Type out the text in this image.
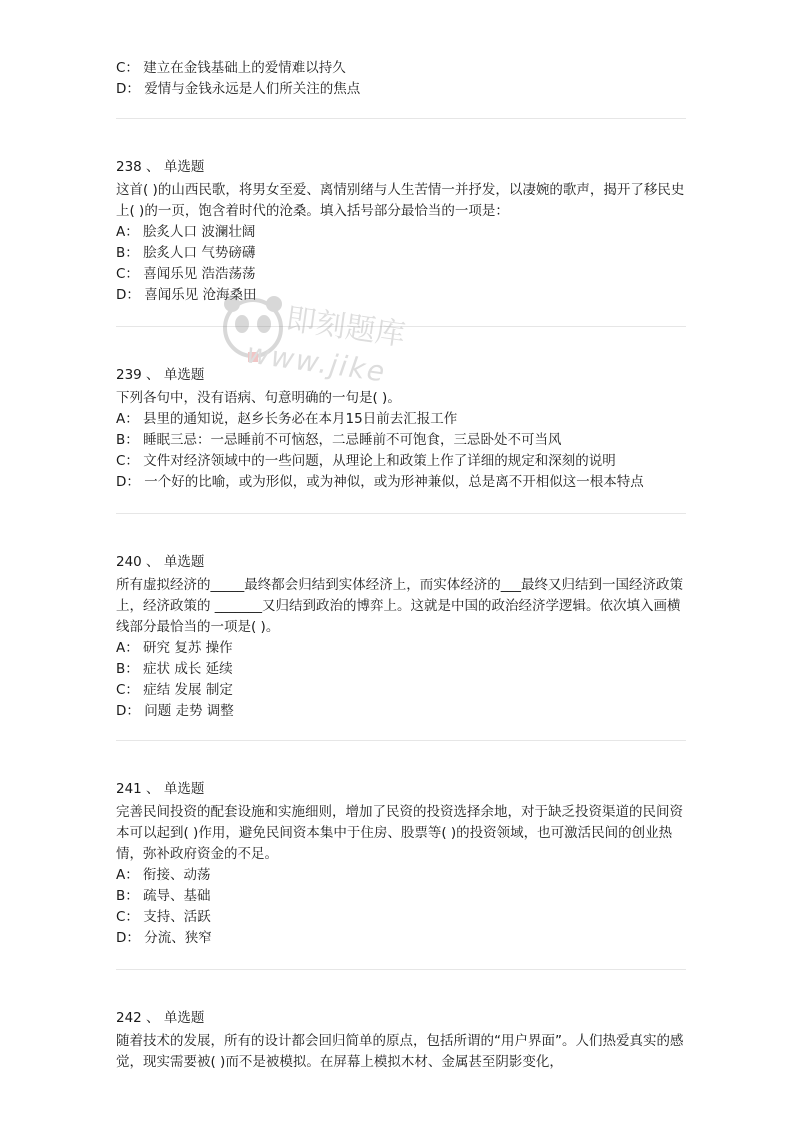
C： 建立在金钱基础上的爱情难以持久
D： 爱情与金钱永远是人们所关注的焦点
238 、 单选题
这首( )的山西民歌，将男女至爱、离情别绪与人生苦情一并抒发，以凄婉的歌声，揭开了移民史上( )的一页，饱含着时代的沧桑。填入括号部分最恰当的一项是：
A： 脍炙人口 波澜壮阔
B： 脍炙人口 气势磅礴
C： 喜闻乐见 浩浩荡荡
D： 喜闻乐见 沧海桑田
239 、 单选题
下列各句中，没有语病、句意明确的一句是( )。
A： 县里的通知说，赵乡长务必在本月15日前去汇报工作
B： 睡眠三忌：一忌睡前不可恼怒，二忌睡前不可饱食，三忌卧处不可当风
C： 文件对经济领域中的一些问题，从理论上和政策上作了详细的规定和深刻的说明
D： 一个好的比喻，或为形似，或为神似，或为形神兼似，总是离不开相似这一根本特点
240 、 单选题
所有虚拟经济的_____最终都会归结到实体经济上，而实体经济的___最终又归结到一国经济政策上，经济政策的 _______又归结到政治的博弈上。这就是中国的政治经济学逻辑。依次填入画横线部分最恰当的一项是( )。
A： 研究 复苏 操作
B： 症状 成长 延续
C： 症结 发展 制定
D： 问题 走势 调整
241 、 单选题
完善民间投资的配套设施和实施细则，增加了民资的投资选择余地，对于缺乏投资渠道的民间资本可以起到( )作用，避免民间资本集中于住房、股票等( )的投资领域，也可激活民间的创业热情，弥补政府资金的不足。
A： 衔接、动荡
B： 疏导、基础
C： 支持、活跃
D： 分流、狭窄
242 、 单选题
随着技术的发展，所有的设计都会回归简单的原点，包括所谓的“用户界面”。人们热爱真实的感觉，现实需要被( )而不是被模拟。在屏幕上模拟木材、金属甚至阴影变化，
即刻题库
www.jike
